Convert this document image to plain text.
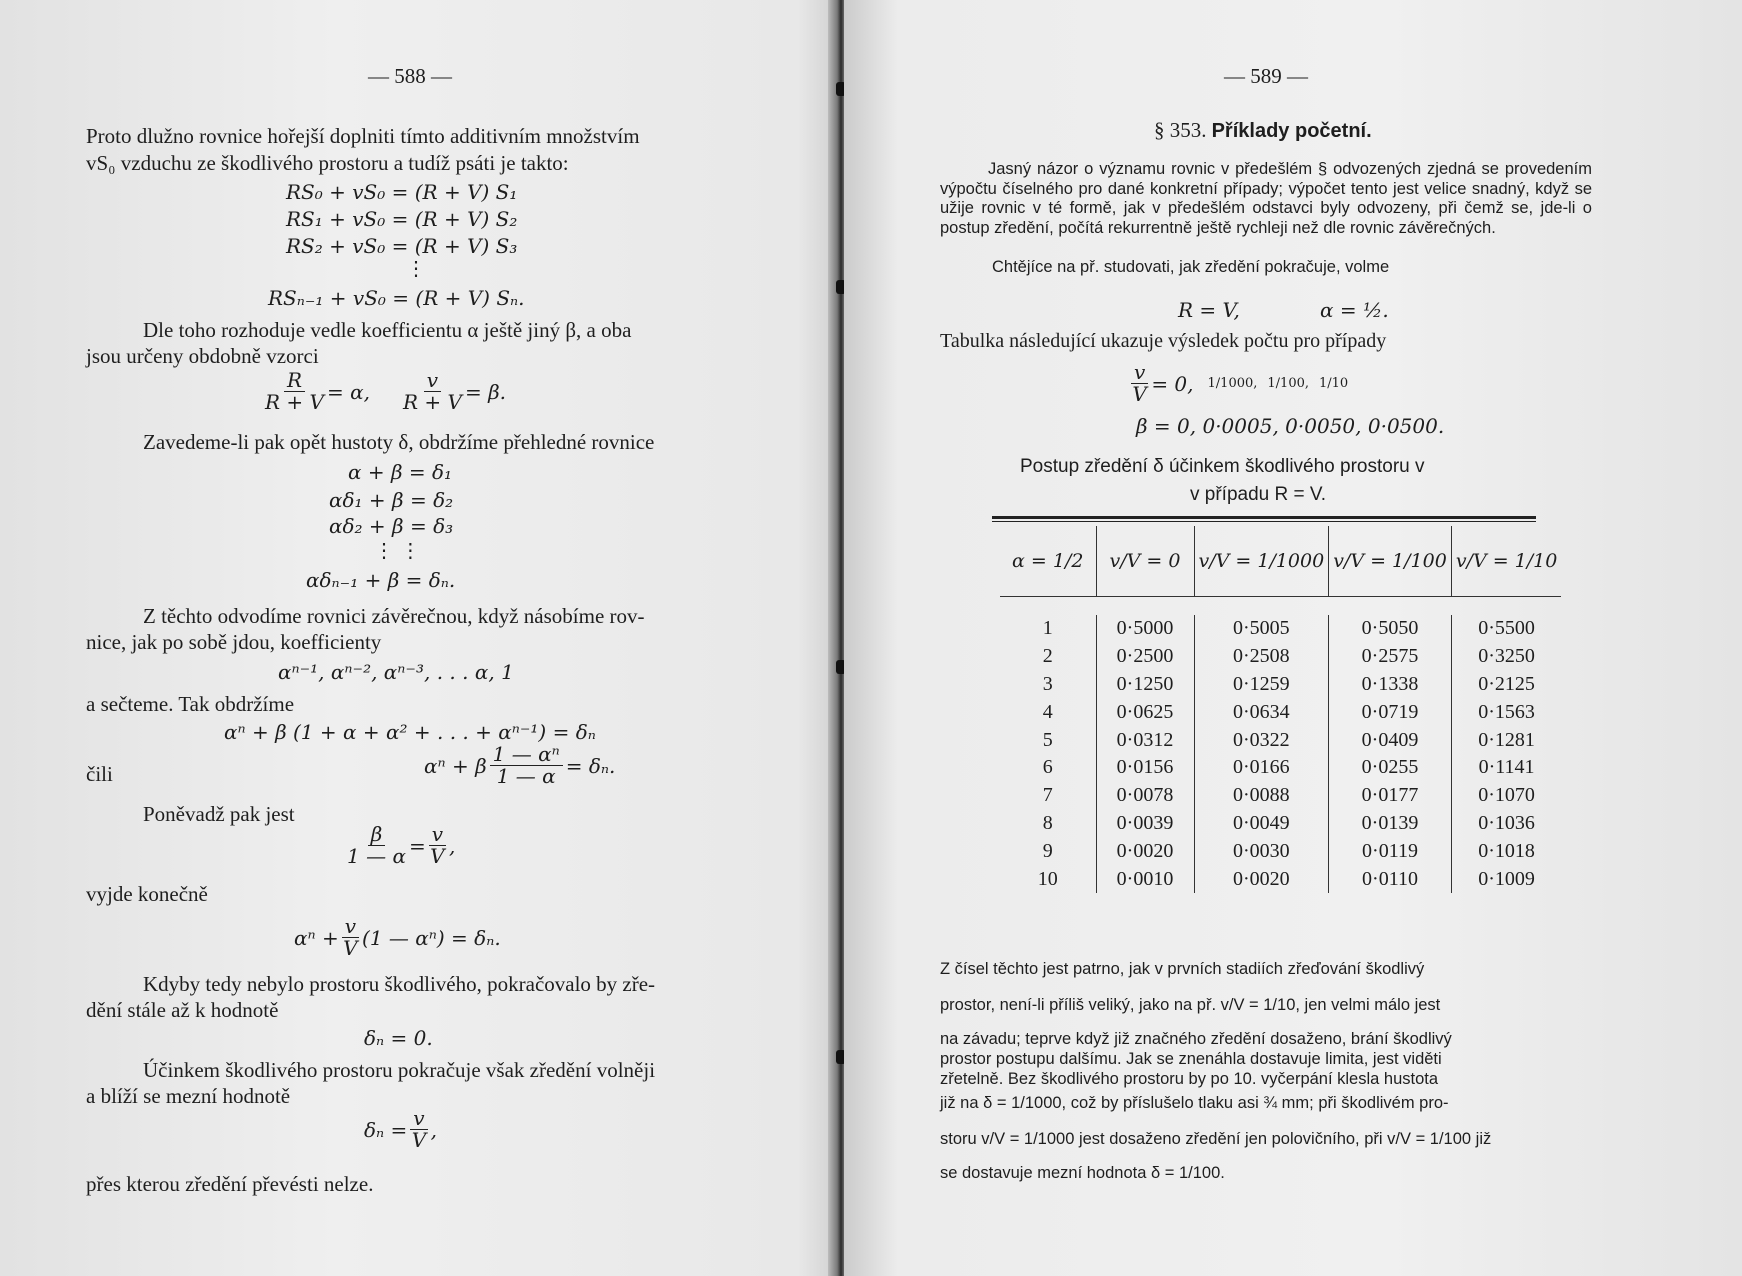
— 588 —
Proto dlužno rovnice hořejší doplniti tímto additivním množstvím
vS₀ vzduchu ze škodlivého prostoru a tudíž psáti je takto:
RS₀ + vS₀ = (R + V) S₁
RS₁ + vS₀ = (R + V) S₂
RS₂ + vS₀ = (R + V) S₃
⋮
RSₙ₋₁ + vS₀ = (R + V) Sₙ.
Dle toho rozhoduje vedle koefficientu α ještě jiný β, a oba
jsou určeny obdobně vzorci
$\frac{R}{R + V} = \alpha$, $\frac{v}{R + V} = \beta$.
Zavedeme-li pak opět hustoty δ, obdržíme přehledné rovnice
α + β = δ₁
αδ₁ + β = δ₂
αδ₂ + β = δ₃
⋮ ⋮
αδₙ₋₁ + β = δₙ.
Z těchto odvodíme rovnici závěrečnou, když násobíme rov-
nice, jak po sobě jdou, koefficienty
αⁿ⁻¹, αⁿ⁻², αⁿ⁻³, . . . α, 1
a sečteme. Tak obdržíme
αⁿ + β (1 + α + α² + . . . + αⁿ⁻¹) = δₙ
čili	αⁿ + β $\frac{\text{1 — αⁿ}}{1 — \alpha} = \delta_n$.
Poněvadž pak jest
$\frac{\beta}{1 — \alpha} = \frac{v}{V}$ ,
vyjde konečně
$\alpha^n + \frac{v}{V} (1$ — αⁿ) = δₙ.
Kdyby tedy nebylo prostoru škodlivého, pokračovalo by zře-
dění stále až k hodnotě
δₙ = 0.
Účinkem škodlivého prostoru pokračuje však zředění volněji
a blíží se mezní hodnotě
$\delta_n = \frac{v}{V}$ ,
přes kterou zředění převésti nelze.
— 589 —
§ 353. Příklady početní.
Jasný názor o významu rovnic v předešlém § odvozených zjedná se provedením výpočtu číselného pro dané konkretní případy; výpočet tento jest velice snadný, když se užije rovnic v té formě, jak v předešlém odstavci byly odvozeny, při čemž se, jde-li o postup zředění, počítá rekurrentně ještě rychleji než dle rovnic závěrečných.
Chtějíce na př. studovati, jak zředění pokračuje, volme
R = V,	α = ½.
Tabulka následující ukazuje výsledek počtu pro případy
$\frac{v}{V} = 0$, 1/1000, 1/100, 1/10
β = 0, 0·0005, 0·0050, 0·0500.
Postup zředění δ účinkem škodlivého prostoru v
v případu R = V.
α = 1/2	v/V = 0	v/V = 1/1000	v/V = 1/100	v/V = 1/10

1	0·5000	0·5005	0·5050	0·5500
2	0·2500	0·2508	0·2575	0·3250
3	0·1250	0·1259	0·1338	0·2125
4	0·0625	0·0634	0·0719	0·1563
5	0·0312	0·0322	0·0409	0·1281
6	0·0156	0·0166	0·0255	0·1141
7	0·0078	0·0088	0·0177	0·1070
8	0·0039	0·0049	0·0139	0·1036
9	0·0020	0·0030	0·0119	0·1018
10	0·0010	0·0020	0·0110	0·1009
Z čísel těchto jest patrno, jak v prvních stadiích zřeďování škodlivý
prostor, není-li příliš veliký, jako na př. v/V = 1/10, jen velmi málo jest
na závadu; teprve když již značného zředění dosaženo, brání škodlivý
prostor postupu dalšímu. Jak se znenáhla dostavuje limita, jest viděti
zřetelně. Bez škodlivého prostoru by po 10. vyčerpání klesla hustota
již na δ = 1/1000, což by příslušelo tlaku asi ¾ mm; při škodlivém pro-
storu v/V = 1/1000 jest dosaženo zředění jen polovičního, při v/V = 1/100 již
se dostavuje mezní hodnota δ = 1/100.
